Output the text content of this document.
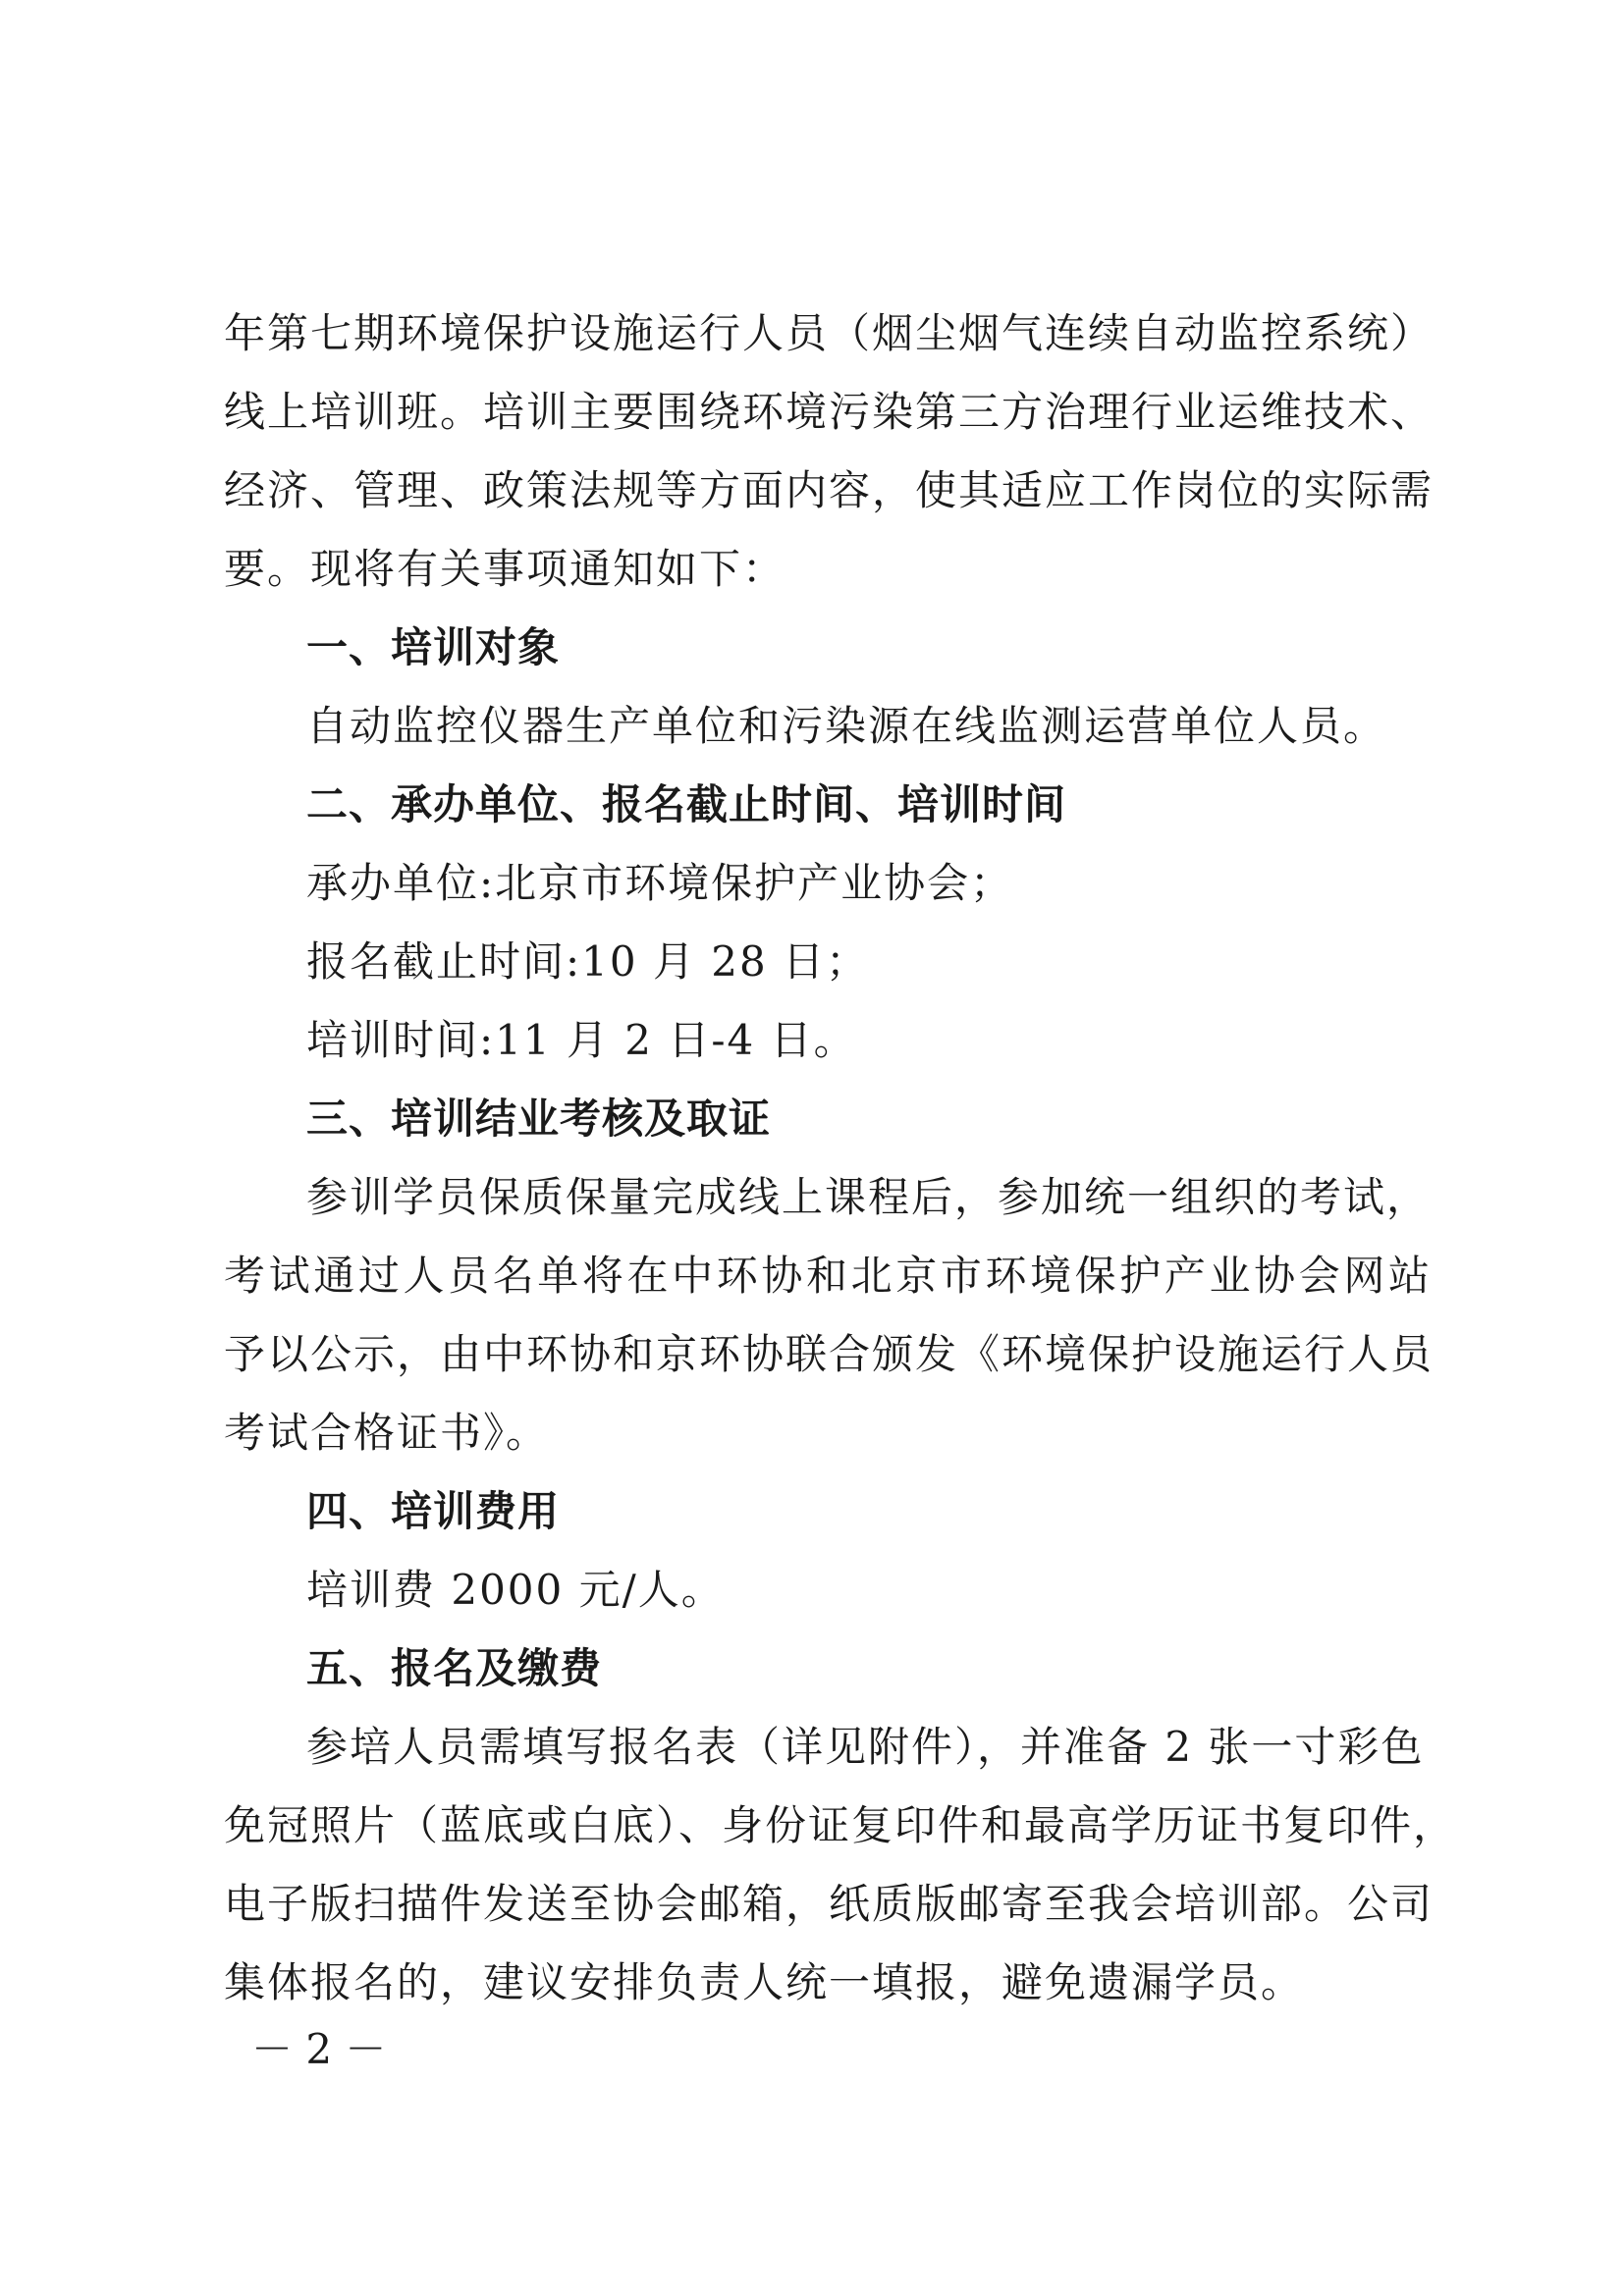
年第七期环境保护设施运行人员（烟尘烟气连续自动监控系统）
线上培训班。培训主要围绕环境污染第三方治理行业运维技术、
经济、管理、政策法规等方面内容，使其适应工作岗位的实际需
要。现将有关事项通知如下：
一、培训对象
自动监控仪器生产单位和污染源在线监测运营单位人员。
二、承办单位、报名截止时间、培训时间
承办单位:北京市环境保护产业协会；
报名截止时间:10 月 28 日；
培训时间:11 月 2 日-4 日。
三、培训结业考核及取证
参训学员保质保量完成线上课程后，参加统一组织的考试，
考试通过人员名单将在中环协和北京市环境保护产业协会网站
予以公示，由中环协和京环协联合颁发《环境保护设施运行人员
考试合格证书》。
四、培训费用
培训费 2000 元/人。
五、报名及缴费
参培人员需填写报名表（详见附件），并准备 2 张一寸彩色
免冠照片（蓝底或白底）、身份证复印件和最高学历证书复印件，
电子版扫描件发送至协会邮箱，纸质版邮寄至我会培训部。公司
集体报名的，建议安排负责人统一填报，避免遗漏学员。
－ 2 －
